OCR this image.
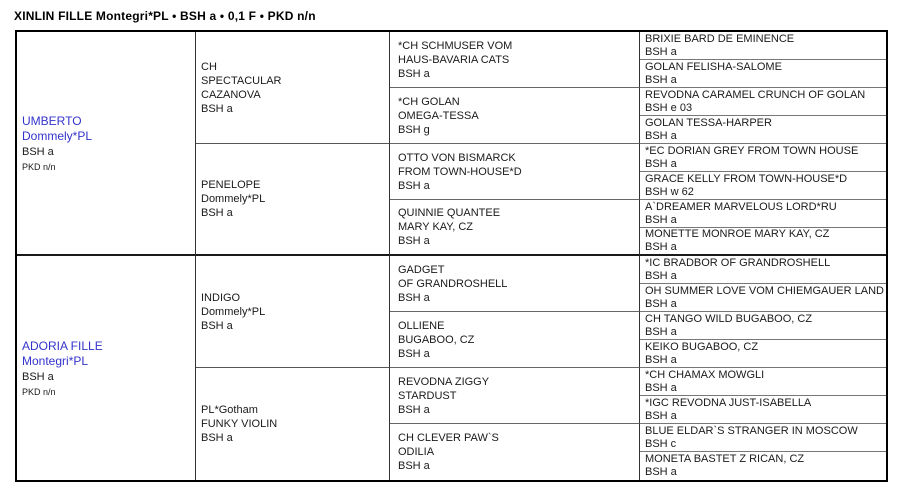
XINLIN FILLE Montegri*PL • BSH a • 0,1 F • PKD n/n
UMBERTO
Dommely*PL
BSH a
PKD n/n
ADORIA FILLE
Montegri*PL
BSH a
PKD n/n
CH
SPECTACULAR
CAZANOVA
BSH a
PENELOPE
Dommely*PL
BSH a
INDIGO
Dommely*PL
BSH a
PL*Gotham
FUNKY VIOLIN
BSH a
*CH SCHMUSER VOM
HAUS-BAVARIA CATS
BSH a
*CH GOLAN
OMEGA-TESSA
BSH g
OTTO VON BISMARCK
FROM TOWN-HOUSE*D
BSH a
QUINNIE QUANTEE
MARY KAY, CZ
BSH a
GADGET
OF GRANDROSHELL
BSH a
OLLIENE
BUGABOO, CZ
BSH a
REVODNA ZIGGY
STARDUST
BSH a
CH CLEVER PAW`S
ODILIA
BSH a
BRIXIE BARD DE EMINENCE
BSH a
GOLAN FELISHA-SALOME
BSH a
REVODNA CARAMEL CRUNCH OF GOLAN
BSH e 03
GOLAN TESSA-HARPER
BSH a
*EC DORIAN GREY FROM TOWN HOUSE
BSH a
GRACE KELLY FROM TOWN-HOUSE*D
BSH w 62
A`DREAMER MARVELOUS LORD*RU
BSH a
MONETTE MONROE MARY KAY, CZ
BSH a
*IC BRADBOR OF GRANDROSHELL
BSH a
OH SUMMER LOVE VOM CHIEMGAUER LAND
BSH a
CH TANGO WILD BUGABOO, CZ
BSH a
KEIKO BUGABOO, CZ
BSH a
*CH CHAMAX MOWGLI
BSH a
*IGC REVODNA JUST-ISABELLA
BSH a
BLUE ELDAR`S STRANGER IN MOSCOW
BSH c
MONETA BASTET Z RICAN, CZ
BSH a
